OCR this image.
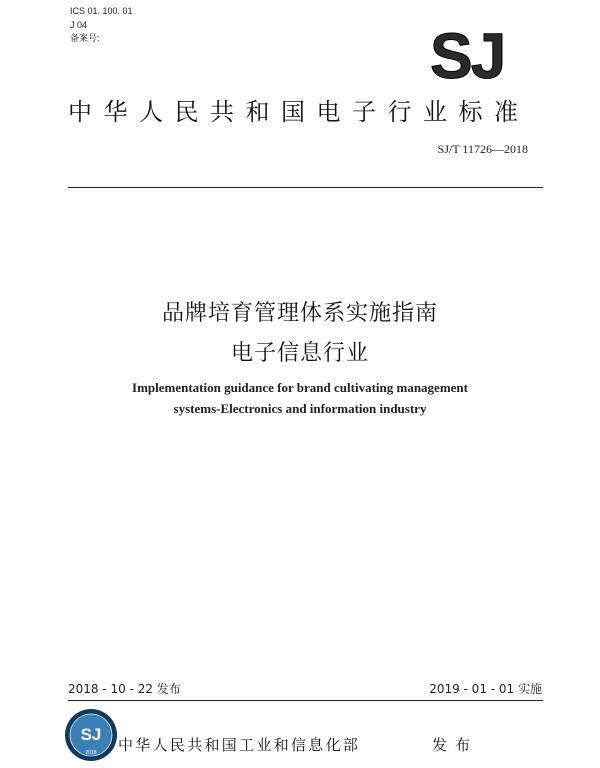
ICS 01. 100. 01
J 04
备案号:	SJ
中华人民共和国电子行业标准
SJ/T 11726—2018
品牌培育管理体系实施指南
电子信息行业
Implementation guidance for brand cultivating management
systems-Electronics and information industry
2018 - 10 - 22 发布	2019 - 01 - 01 实施
SJ
2018 中华人民共和国工业和信息化部	发布
